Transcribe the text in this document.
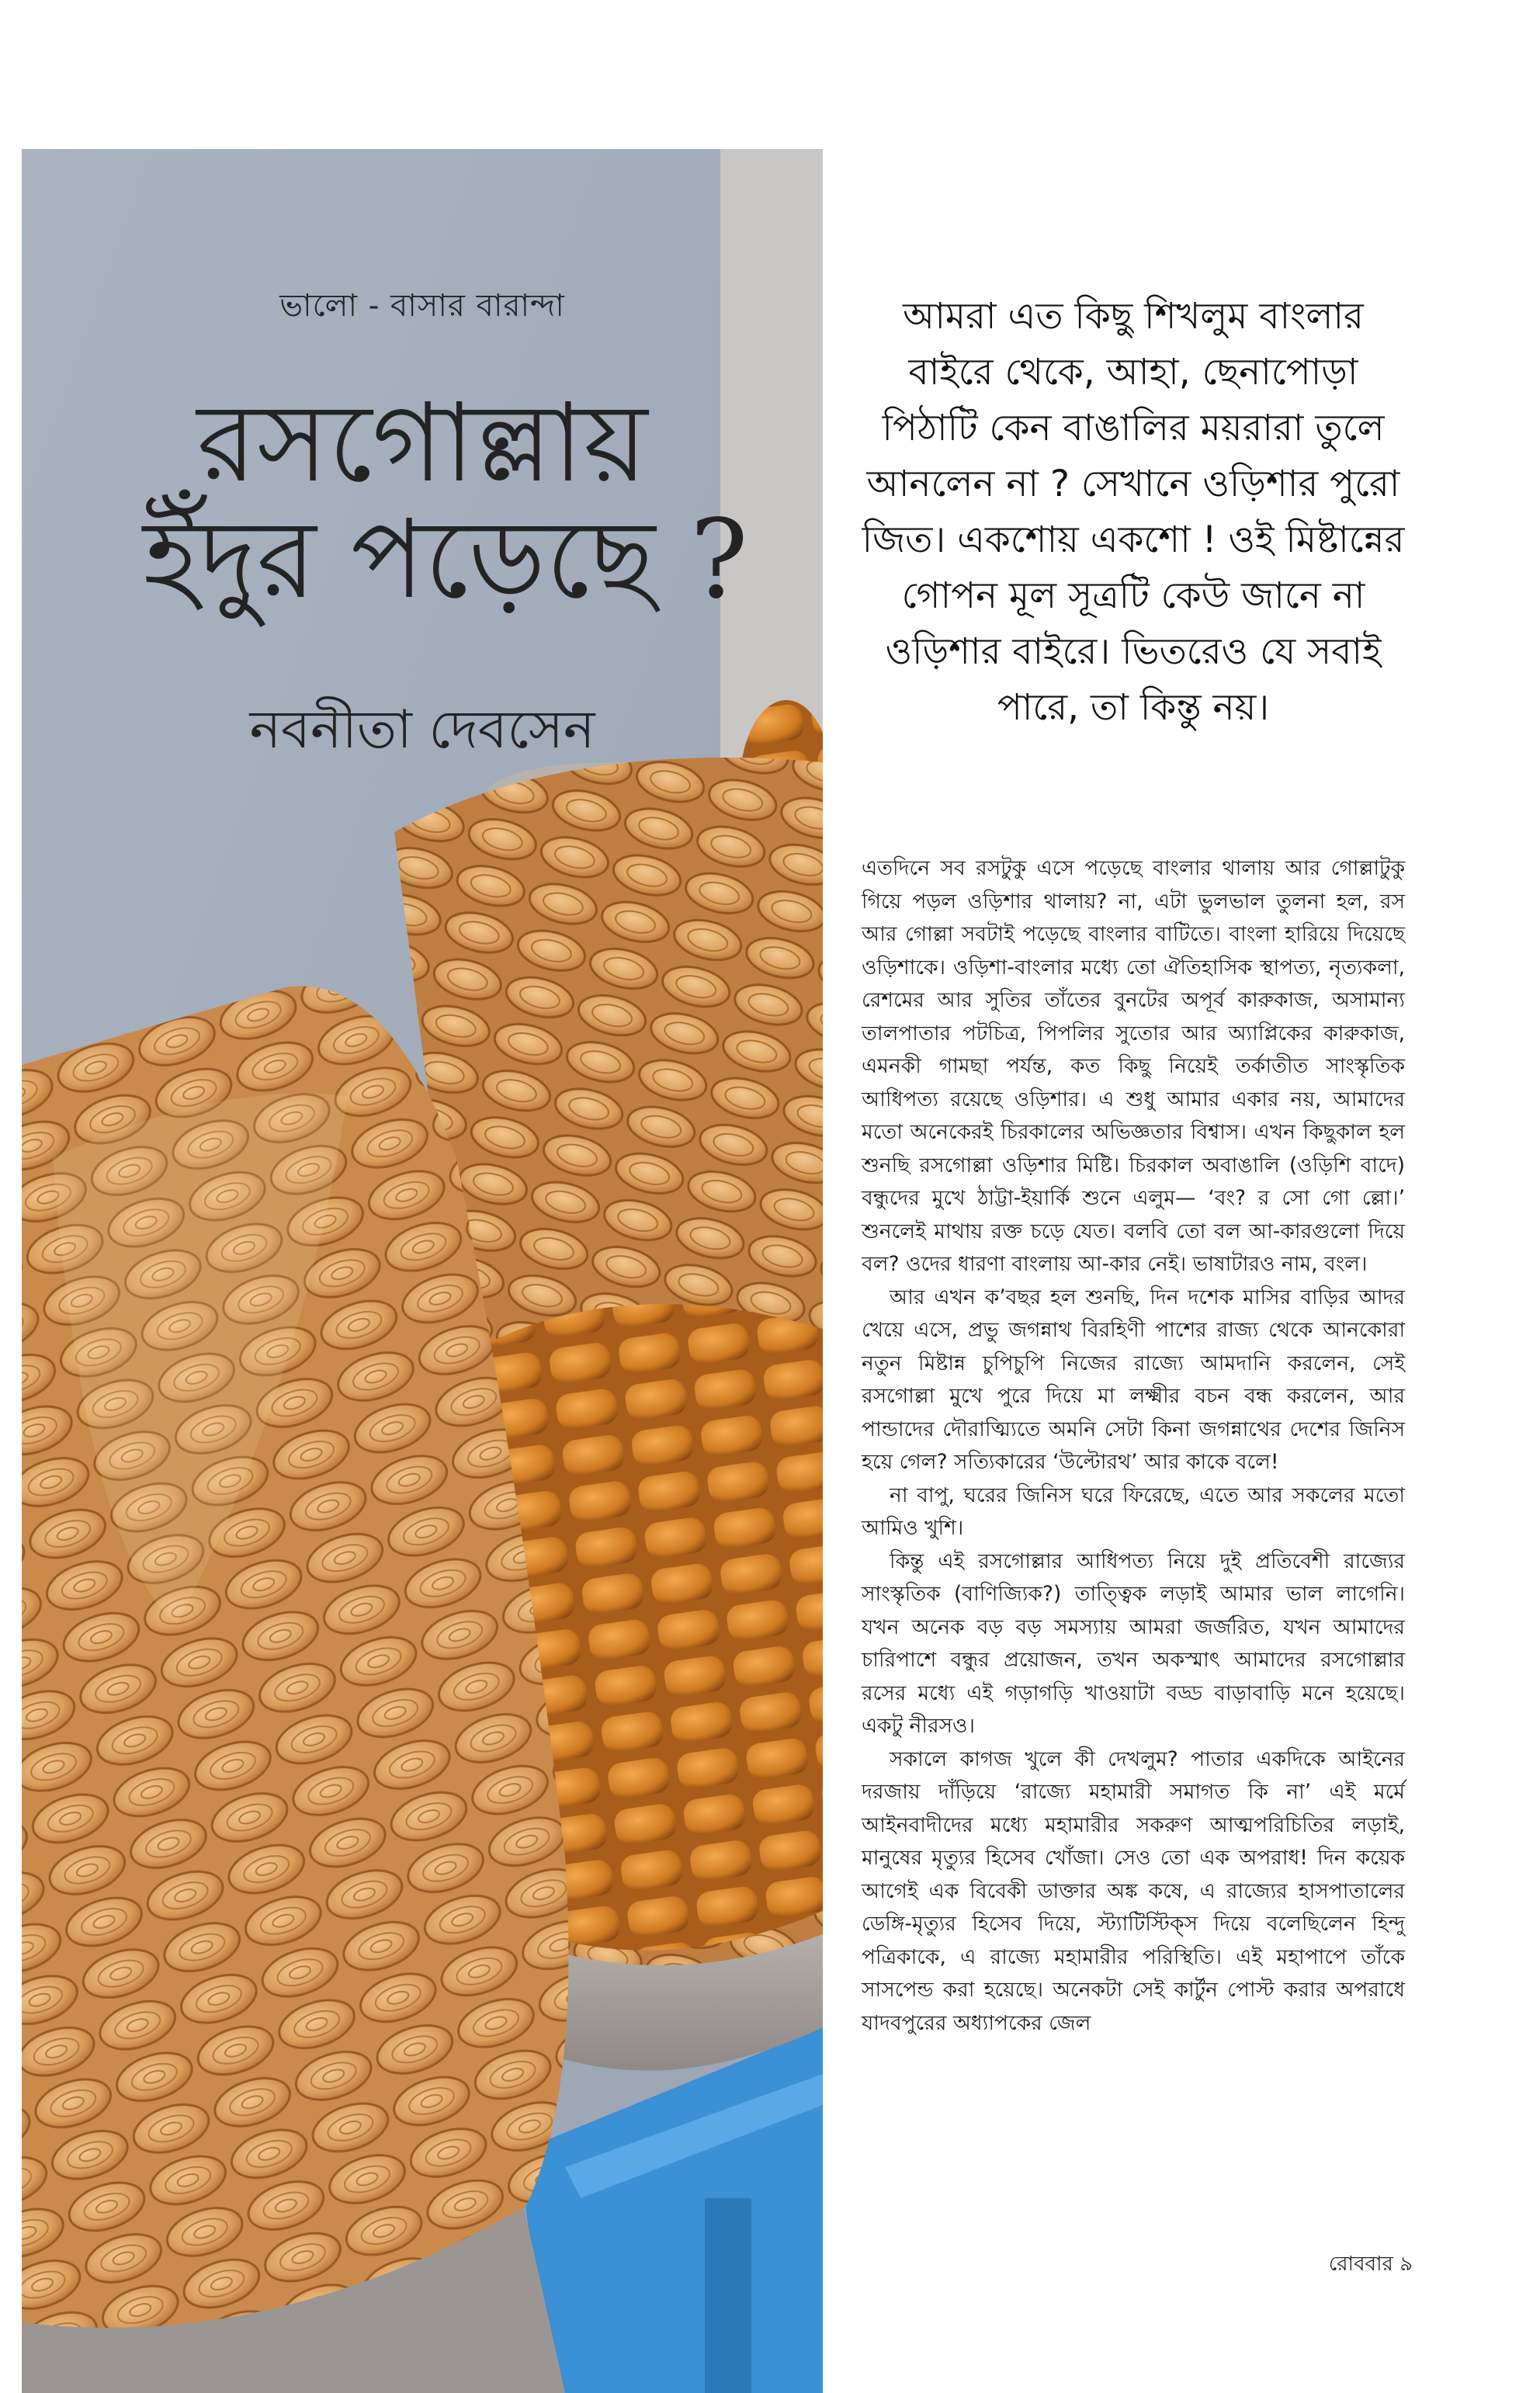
ভালো - বাসার বারান্দা
রসগোল্লায়
ইঁদুর পড়েছে ?
নবনীতা দেবসেন
আমরা এত কিছু শিখলুম বাংলার বাইরে থেকে, আহা, ছেনাপোড়া পিঠাটি কেন বাঙালির ময়রারা তুলে আনলেন না ? সেখানে ওড়িশার পুরো জিত। একশোয় একশো ! ওই মিষ্টান্নের গোপন মূল সূত্রটি কেউ জানে না ওড়িশার বাইরে। ভিতরেও যে সবাই পারে, তা কিন্তু নয়।

এতদিনে সব রসটুকু এসে পড়েছে বাংলার থালায় আর গোল্লাটুকু গিয়ে পড়ল ওড়িশার থালায়? না, এটা ভুলভাল তুলনা হল, রস আর গোল্লা সবটাই পড়েছে বাংলার বাটিতে। বাংলা হারিয়ে দিয়েছে ওড়িশাকে। ওড়িশা-বাংলার মধ্যে তো ঐতিহাসিক স্থাপত্য, নৃত্যকলা, রেশমের আর সুতির তাঁতের বুনটের অপূর্ব কারুকাজ, অসামান্য তালপাতার পটচিত্র, পিপলির সুতোর আর অ্যাপ্লিকের কারুকাজ, এমনকী গামছা পর্যন্ত, কত কিছু নিয়েই তর্কাতীত সাংস্কৃতিক আধিপত্য রয়েছে ওড়িশার। এ শুধু আমার একার নয়, আমাদের মতো অনেকেরই চিরকালের অভিজ্ঞতার বিশ্বাস। এখন কিছুকাল হল শুনছি রসগোল্লা ওড়িশার মিষ্টি। চিরকাল অবাঙালি (ওড়িশি বাদে) বন্ধুদের মুখে ঠাট্টা-ইয়ার্কি শুনে এলুম— ‘বং? র সো গো ল্লো।’ শুনলেই মাথায় রক্ত চড়ে যেত। বলবি তো বল আ-কারগুলো দিয়ে বল? ওদের ধারণা বাংলায় আ-কার নেই। ভাষাটারও নাম, বংল।

আর এখন ক’বছর হল শুনছি, দিন দশেক মাসির বাড়ির আদর খেয়ে এসে, প্রভু জগন্নাথ বিরহিণী পাশের রাজ্য থেকে আনকোরা নতুন মিষ্টান্ন চুপিচুপি নিজের রাজ্যে আমদানি করলেন, সেই রসগোল্লা মুখে পুরে দিয়ে মা লক্ষ্মীর বচন বন্ধ করলেন, আর পান্ডাদের দৌরাত্ম্যিতে অমনি সেটা কিনা জগন্নাথের দেশের জিনিস হয়ে গেল? সত্যিকারের ‘উল্টোরথ’ আর কাকে বলে!

না বাপু, ঘরের জিনিস ঘরে ফিরেছে, এতে আর সকলের মতো আমিও খুশি।

কিন্তু এই রসগোল্লার আধিপত্য নিয়ে দুই প্রতিবেশী রাজ্যের সাংস্কৃতিক (বাণিজ্যিক?) তাত্ত্বিক লড়াই আমার ভাল লাগেনি। যখন অনেক বড় বড় সমস্যায় আমরা জর্জরিত, যখন আমাদের চারিপাশে বন্ধুর প্রয়োজন, তখন অকস্মাৎ আমাদের রসগোল্লার রসের মধ্যে এই গড়াগড়ি খাওয়াটা বড্ড বাড়াবাড়ি মনে হয়েছে। একটু নীরসও।

সকালে কাগজ খুলে কী দেখলুম? পাতার একদিকে আইনের দরজায় দাঁড়িয়ে ‘রাজ্যে মহামারী সমাগত কি না’ এই মর্মে আইনবাদীদের মধ্যে মহামারীর সকরুণ আত্মপরিচিতির লড়াই, মানুষের মৃত্যুর হিসেব খোঁজা। সেও তো এক অপরাধ! দিন কয়েক আগেই এক বিবেকী ডাক্তার অঙ্ক কষে, এ রাজ্যের হাসপাতালের ডেঙ্গি-মৃত্যুর হিসেব দিয়ে, স্ট্যাটিস্টিক্‌স দিয়ে বলেছিলেন হিন্দু পত্রিকাকে, এ রাজ্যে মহামারীর পরিস্থিতি। এই মহাপাপে তাঁকে সাসপেন্ড করা হয়েছে। অনেকটা সেই কার্টুন পোস্ট করার অপরাধে যাদবপুরের অধ্যাপকের জেল

রোববার ৯
